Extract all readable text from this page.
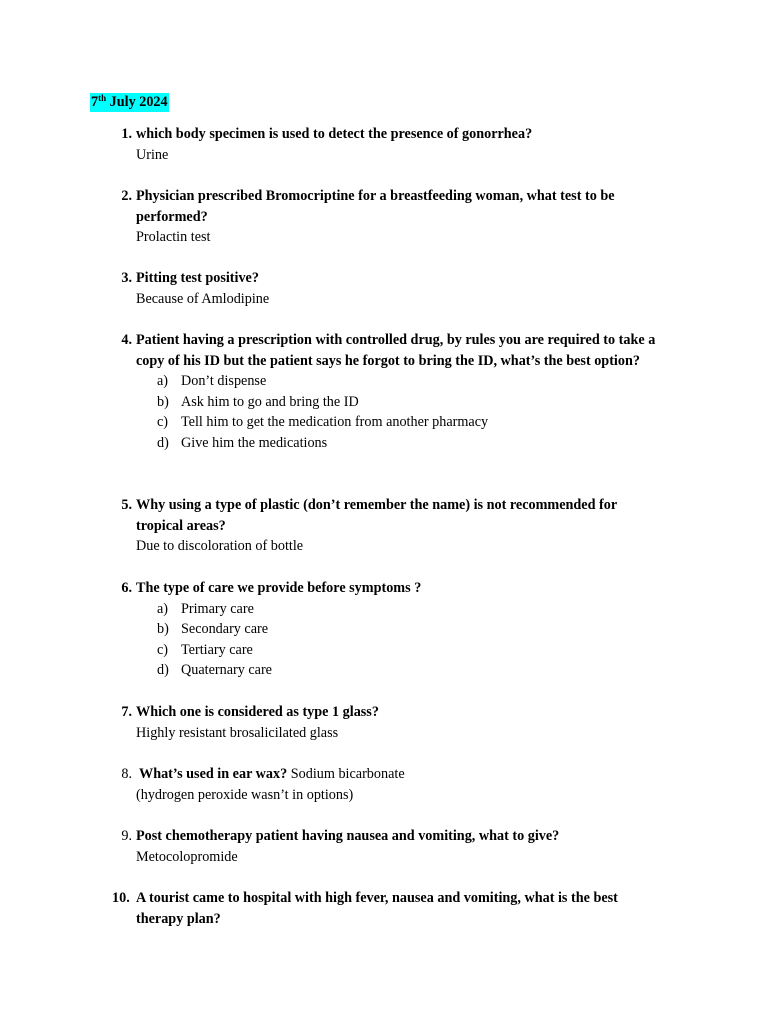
7th July 2024
1. which body specimen is used to detect the presence of gonorrhea?
Urine
2. Physician prescribed Bromocriptine for a breastfeeding woman, what test to be performed?
Prolactin test
3. Pitting test positive?
Because of Amlodipine
4. Patient having a prescription with controlled drug, by rules you are required to take a copy of his ID but the patient says he forgot to bring the ID, what’s the best option?
a) Don’t dispense
b) Ask him to go and bring the ID
c) Tell him to get the medication from another pharmacy
d) Give him the medications
5. Why using a type of plastic (don’t remember the name) is not recommended for tropical areas?
Due to discoloration of bottle
6. The type of care we provide before symptoms ?
a) Primary care
b) Secondary care
c) Tertiary care
d) Quaternary care
7. Which one is considered as type 1 glass?
Highly resistant brosalicilated glass
8. What’s used in ear wax? Sodium bicarbonate
(hydrogen peroxide wasn’t in options)
9. Post chemotherapy patient having nausea and vomiting, what to give?
Metocolopromide
10. A tourist came to hospital with high fever, nausea and vomiting, what is the best therapy plan?
